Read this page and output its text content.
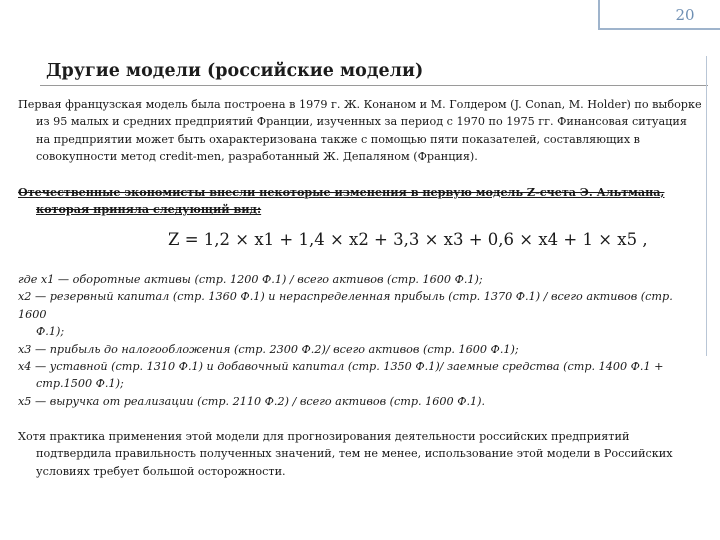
20
Другие модели (российские модели)

Первая французская модель была построена в 1979 г. Ж. Конаном и М. Голдером (J. Conan, M. Holder) по выборке из 95 малых и средних предприятий Франции, изученных за период с 1970 по 1975 гг. Финансовая ситуация на предприятии может быть охарактеризована также с помощью пяти показателей, составляющих в совокупности метод credit-men, разработанный Ж. Депаляном (Франция).

Отечественные экономисты внесли некоторые изменения в первую модель Z-счета Э. Альтмана, которая приняла следующий вид:

Z = 1,2 × x1 + 1,4 × x2 + 3,3 × x3 + 0,6 × x4 + 1 × x5 ,

где x1 — оборотные активы (стр. 1200 Ф.1) / всего активов (стр. 1600 Ф.1);

x2 — резервный капитал (стр. 1360 Ф.1) и нераспределенная прибыль (стр. 1370 Ф.1) / всего активов (стр. 1600

Ф.1);

x3 — прибыль до налогообложения (стр. 2300 Ф.2)/ всего активов (стр. 1600 Ф.1);

x4 — уставной (стр. 1310 Ф.1) и добавочный капитал (стр. 1350 Ф.1)/ заемные средства (стр. 1400 Ф.1 +

стр.1500 Ф.1);

x5 — выручка от реализации (стр. 2110 Ф.2) / всего активов (стр. 1600 Ф.1).

Хотя практика применения этой модели для прогнозирования деятельности российских предприятий подтвердила правильность полученных значений, тем не менее, использование этой модели в Российских условиях требует большой осторожности.
